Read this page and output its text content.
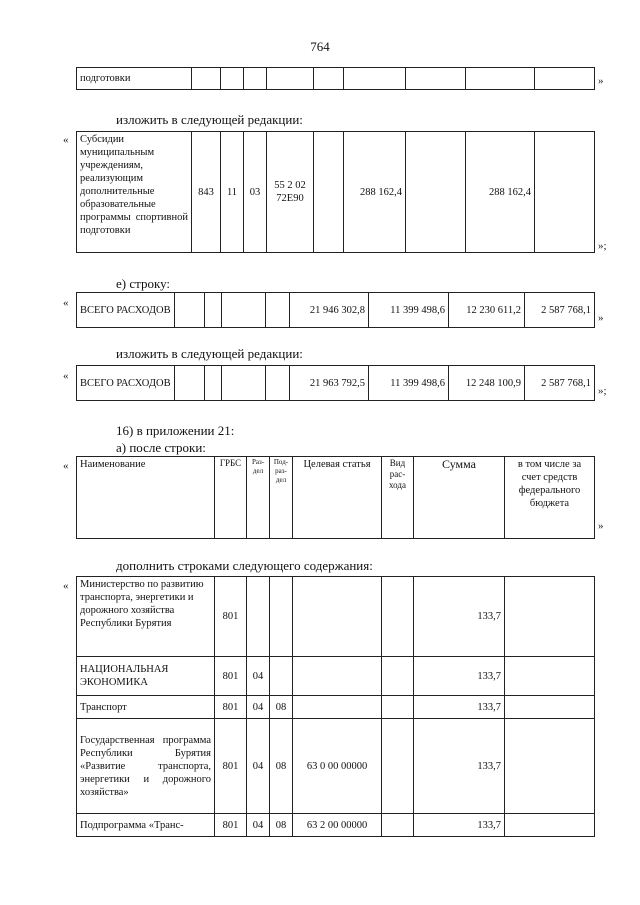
764
подготовки										»
изложить в следующей редакции:
« Субсидии муниципальным учреждениям, реализующим дополнительные образовательные программы спортивной подготовки	843	11	03	55 2 02 72Е90		288 162,4		288 162,4	
»;
е) строку:
«
ВСЕГО РАСХОДОВ					21 946 302,8	11 399 498,6	12 230 611,2	2 587 768,1
»
изложить в следующей редакции:
«
ВСЕГО РАСХОДОВ					21 963 792,5	11 399 498,6	12 248 100,9	2 587 768,1
»;
16) в приложении 21:
а) после строки:
« Наименование	ГРБС	Раз-дел	Под-раз-дел	Целевая статья	Вид рас-хода	Сумма	в том числе за счет средств федерального бюджета
»
дополнить строками следующего содержания:
« Министерство по развитию транспорта, энергетики и дорожного хозяйства Республики Бурятия	801					133,7	
НАЦИОНАЛЬНАЯ ЭКОНОМИКА	801	04				133,7	
Транспорт	801	04	08			133,7	
Государственная программа Республики Бурятия «Развитие транспорта, энергетики и дорожного хозяйства»	801	04	08	63 0 00 00000		133,7	
Подпрограмма «Транс-	801	04	08	63 2 00 00000		133,7	
